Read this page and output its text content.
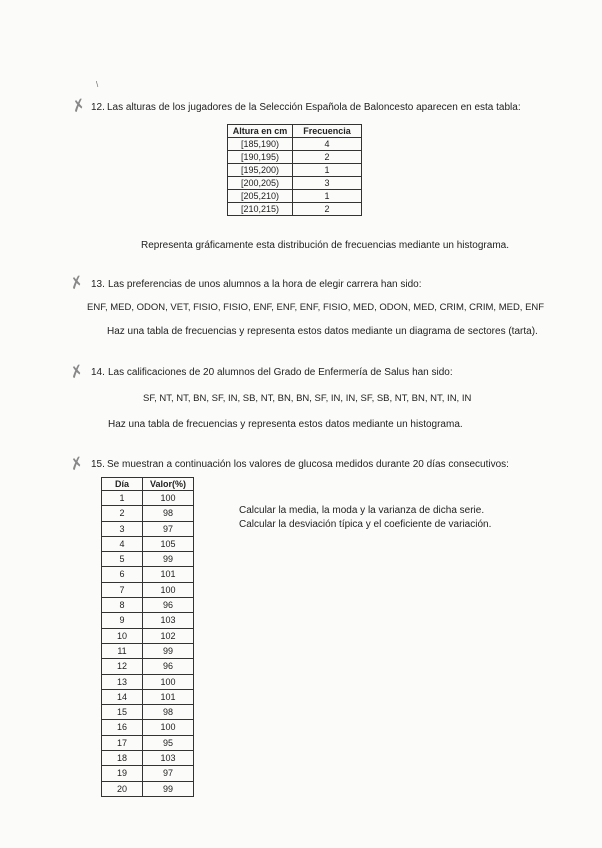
\
✗ 12. Las alturas de los jugadores de la Selección Española de Baloncesto aparecen en esta tabla:
Altura en cm	Frecuencia
[185,190)	4
[190,195)	2
[195,200)	1
[200,205)	3
[205,210)	1
[210,215)	2
Representa gráficamente esta distribución de frecuencias mediante un histograma.
✗ 13. Las preferencias de unos alumnos a la hora de elegir carrera han sido:
ENF, MED, ODON, VET, FISIO, FISIO, ENF, ENF, ENF, FISIO, MED, ODON, MED, CRIM, CRIM, MED, ENF
Haz una tabla de frecuencias y representa estos datos mediante un diagrama de sectores (tarta).
✗ 14. Las calificaciones de 20 alumnos del Grado de Enfermería de Salus han sido:
SF, NT, NT, BN, SF, IN, SB, NT, BN, BN, SF, IN, IN, SF, SB, NT, BN, NT, IN, IN
Haz una tabla de frecuencias y representa estos datos mediante un histograma.
✗ 15. Se muestran a continuación los valores de glucosa medidos durante 20 días consecutivos:
Día	Valor(%)
1	100
2	98
3	97
4	105
5	99
6	101
7	100
8	96
9	103
10	102
11	99
12	96
13	100
14	101
15	98
16	100
17	95
18	103
19	97
20	99
Calcular la media, la moda y la varianza de dicha serie.
Calcular la desviación típica y el coeficiente de variación.
